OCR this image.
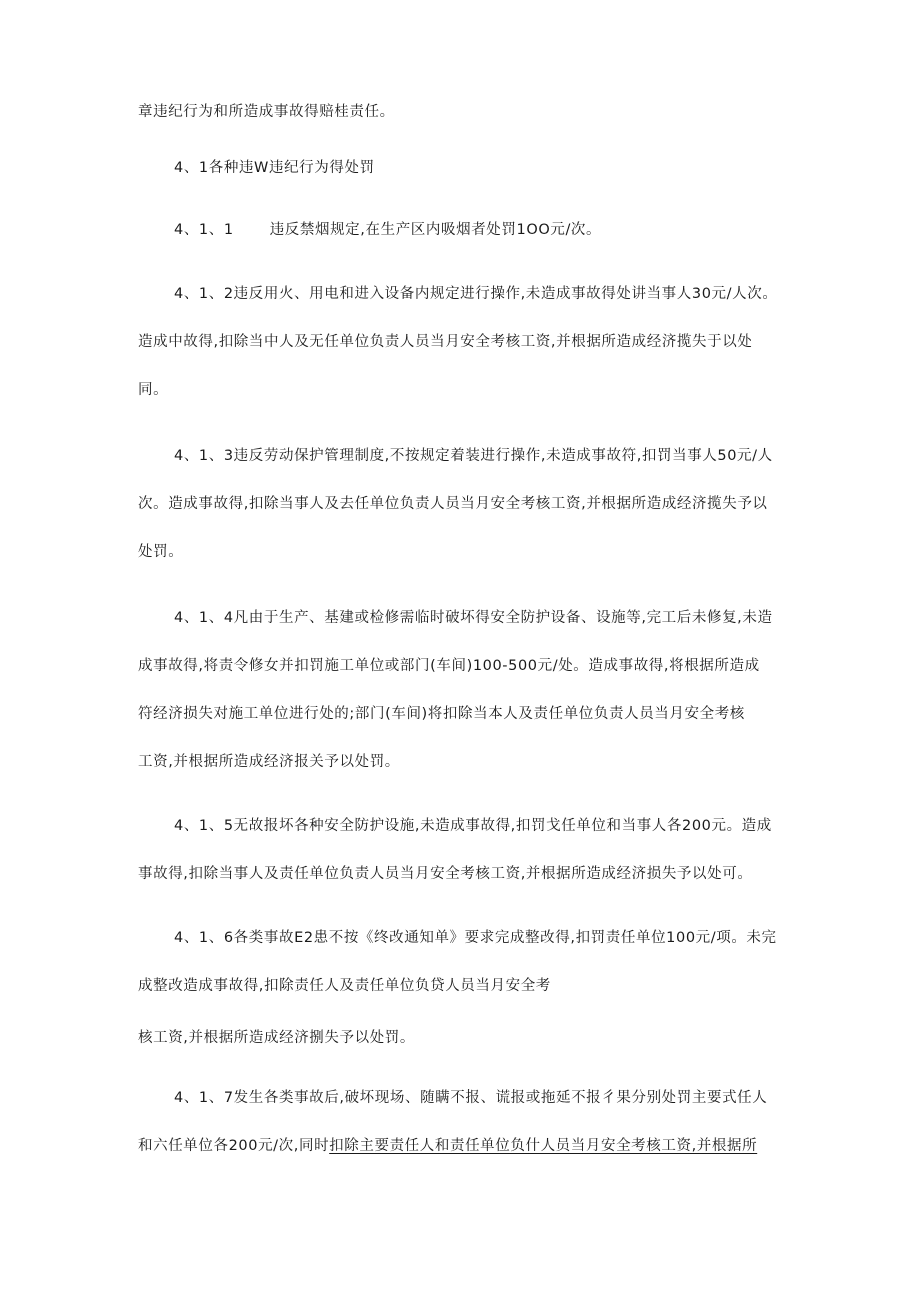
章违纪行为和所造成事故得赔桂责任。
4、1各种违W违纪行为得处罚
4、1、1 违反禁烟规定,在生产区内吸烟者处罚1OO元/次。
4、1、2违反用火、用电和进入设备内规定进行操作,未造成事故得处讲当事人30元/人次。
造成中故得,扣除当中人及无任单位负责人员当月安全考核工资,并根据所造成经济揽失于以处
同。
4、1、3违反劳动保护管理制度,不按规定着装进行操作,未造成事故符,扣罚当事人50元/人
次。造成事故得,扣除当事人及去任单位负责人员当月安全考核工资,并根据所造成经济揽失予以
处罚。
4、1、4凡由于生产、基建或检修需临时破坏得安全防护设备、设施等,完工后未修复,未造
成事故得,将责令修女并扣罚施工单位或部门(车间)100-500元/处。造成事故得,将根据所造成
符经济损失对施工单位进行处的;部门(车间)将扣除当本人及责任单位负责人员当月安全考核
工资,并根据所造成经济报关予以处罚。
4、1、5无故报坏各种安全防护设施,未造成事故得,扣罚戈任单位和当事人各200元。造成
事故得,扣除当事人及责任单位负责人员当月安全考核工资,并根据所造成经济损失予以处可。
4、1、6各类事故E2患不按《终改通知单》要求完成整改得,扣罚责任单位100元/项。未完
成整改造成事故得,扣除责任人及责任单位负贷人员当月安全考
核工资,并根据所造成经济捌失予以处罚。
4、1、7发生各类事故后,破坏现场、随瞒不报、谎报或拖延不报彳果分别处罚主要式任人
和六任单位各200元/次,同时扣除主要责任人和责任单位负什人员当月安全考核工资,并根据所
